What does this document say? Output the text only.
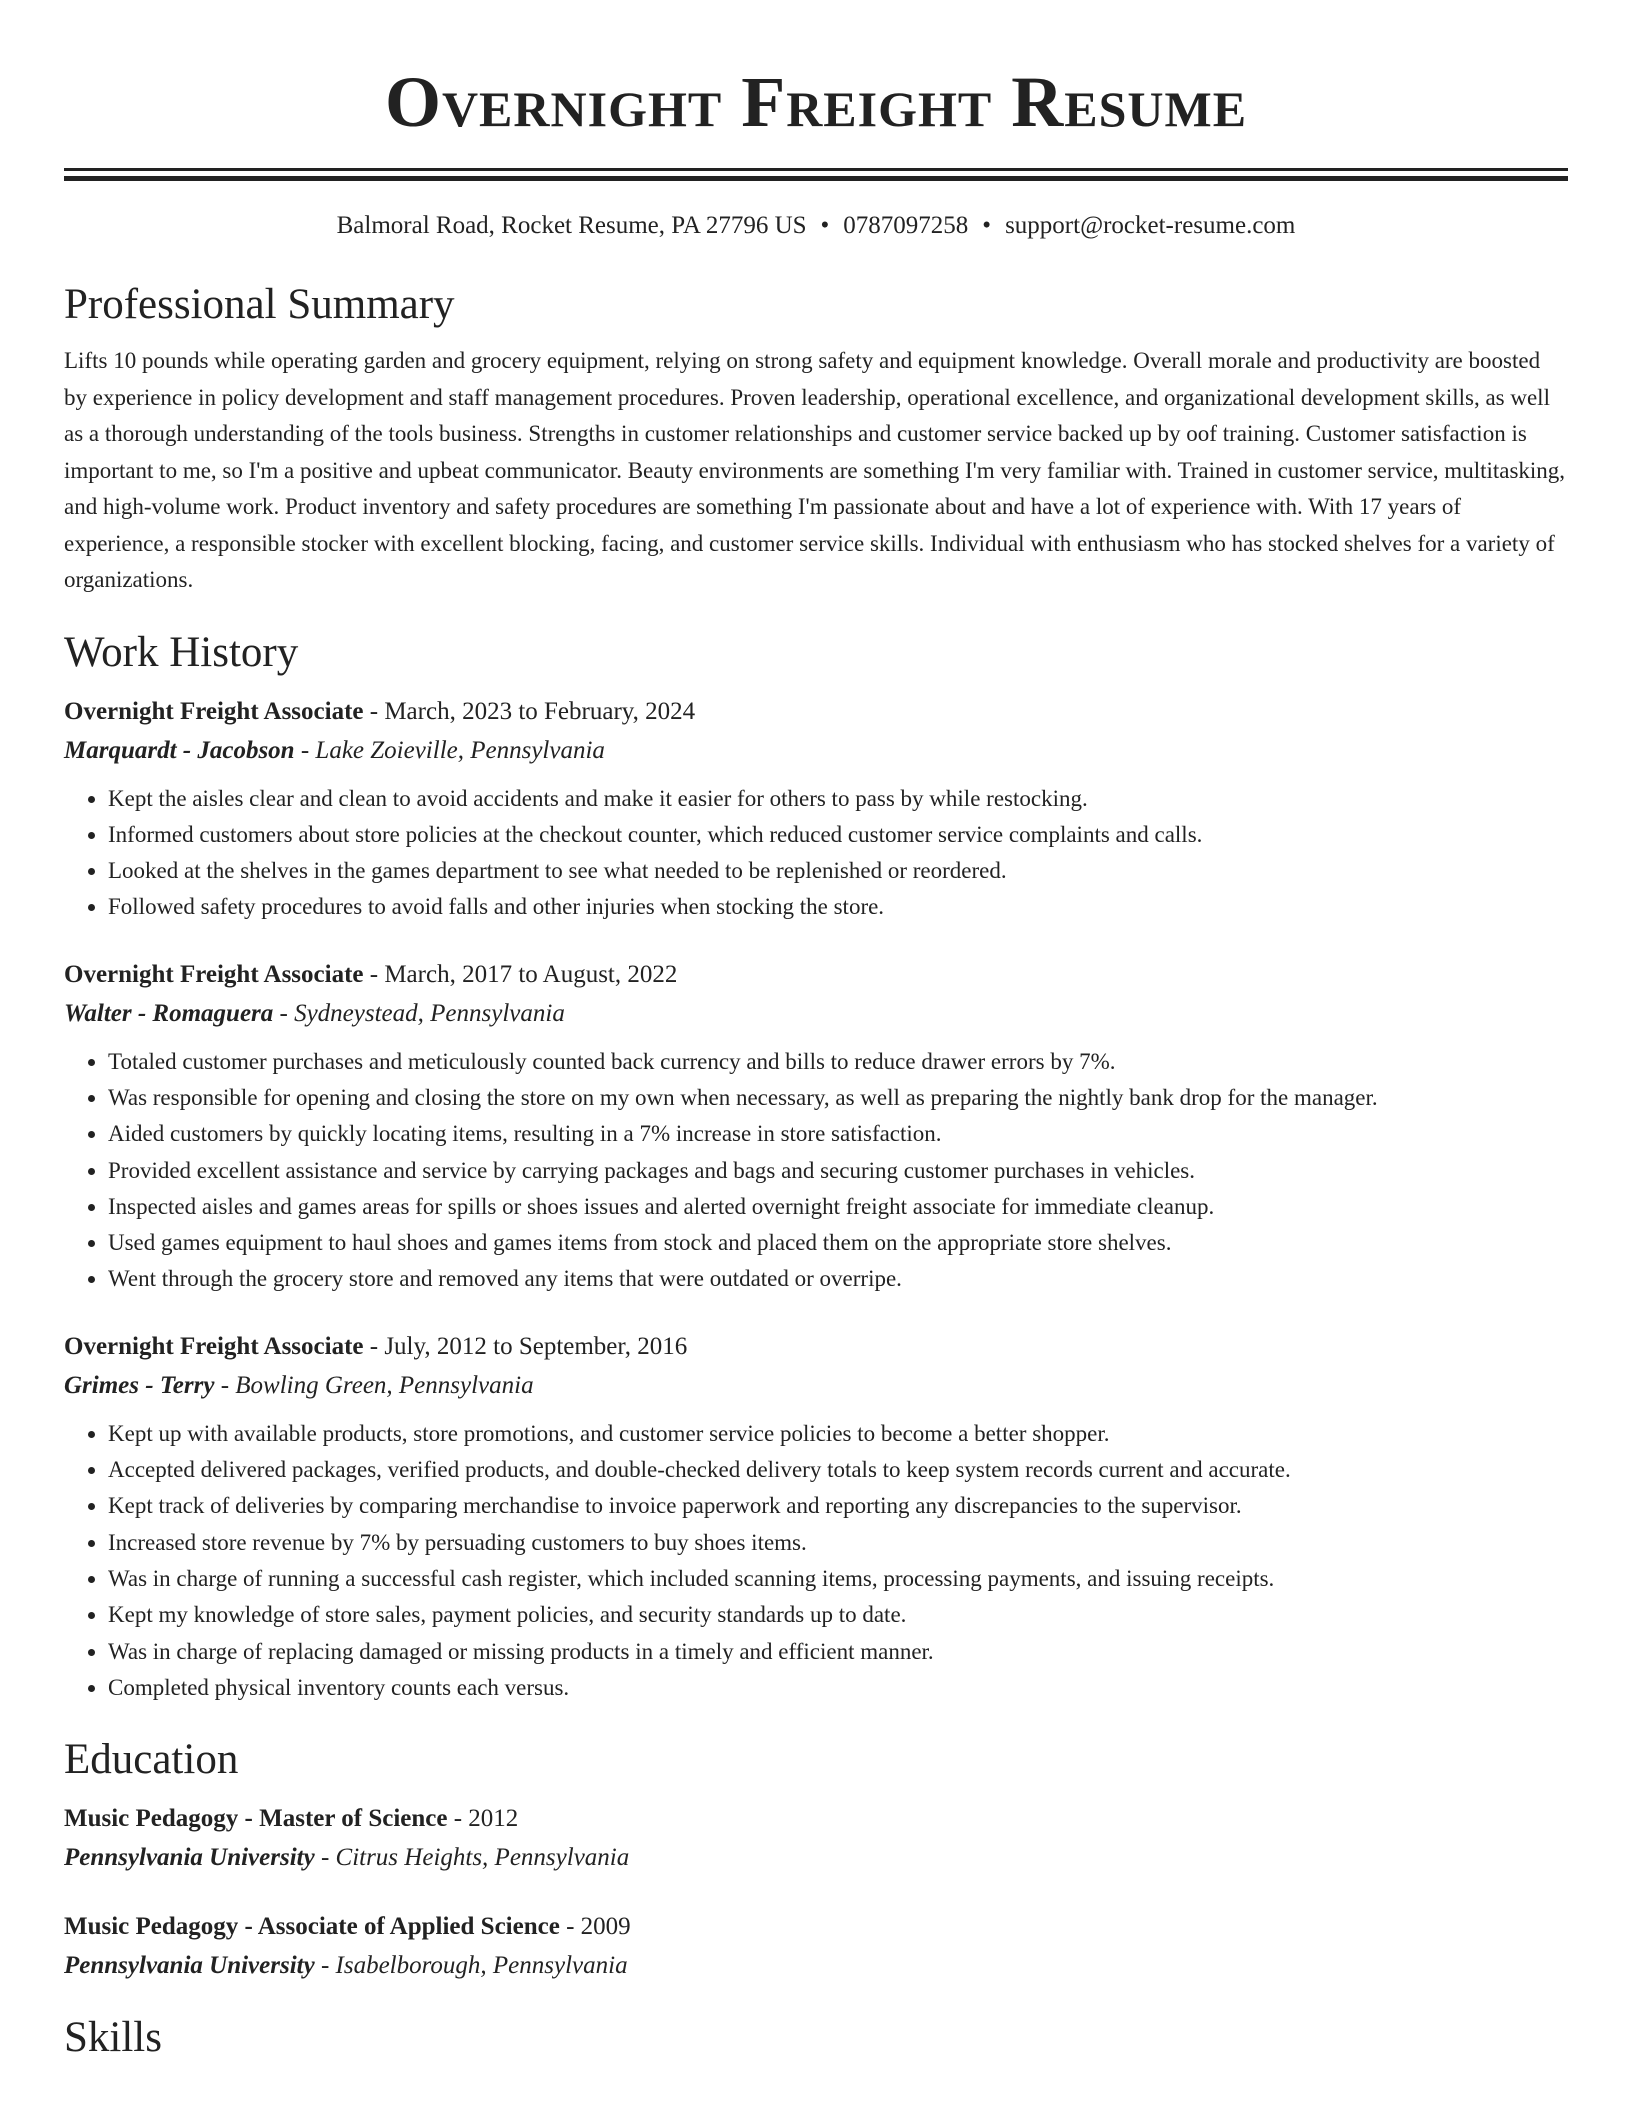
Overnight Freight Resume
Balmoral Road, Rocket Resume, PA 27796 US • 0787097258 • support@rocket-resume.com
Professional Summary
Lifts 10 pounds while operating garden and grocery equipment, relying on strong safety and equipment knowledge. Overall morale and productivity are boosted by experience in policy development and staff management procedures. Proven leadership, operational excellence, and organizational development skills, as well as a thorough understanding of the tools business. Strengths in customer relationships and customer service backed up by oof training. Customer satisfaction is important to me, so I'm a positive and upbeat communicator. Beauty environments are something I'm very familiar with. Trained in customer service, multitasking, and high-volume work. Product inventory and safety procedures are something I'm passionate about and have a lot of experience with. With 17 years of experience, a responsible stocker with excellent blocking, facing, and customer service skills. Individual with enthusiasm who has stocked shelves for a variety of organizations.
Work History
Overnight Freight Associate - March, 2023 to February, 2024
Marquardt - Jacobson - Lake Zoieville, Pennsylvania
• Kept the aisles clear and clean to avoid accidents and make it easier for others to pass by while restocking.
• Informed customers about store policies at the checkout counter, which reduced customer service complaints and calls.
• Looked at the shelves in the games department to see what needed to be replenished or reordered.
• Followed safety procedures to avoid falls and other injuries when stocking the store.
Overnight Freight Associate - March, 2017 to August, 2022
Walter - Romaguera - Sydneystead, Pennsylvania
• Totaled customer purchases and meticulously counted back currency and bills to reduce drawer errors by 7%.
• Was responsible for opening and closing the store on my own when necessary, as well as preparing the nightly bank drop for the manager.
• Aided customers by quickly locating items, resulting in a 7% increase in store satisfaction.
• Provided excellent assistance and service by carrying packages and bags and securing customer purchases in vehicles.
• Inspected aisles and games areas for spills or shoes issues and alerted overnight freight associate for immediate cleanup.
• Used games equipment to haul shoes and games items from stock and placed them on the appropriate store shelves.
• Went through the grocery store and removed any items that were outdated or overripe.
Overnight Freight Associate - July, 2012 to September, 2016
Grimes - Terry - Bowling Green, Pennsylvania
• Kept up with available products, store promotions, and customer service policies to become a better shopper.
• Accepted delivered packages, verified products, and double-checked delivery totals to keep system records current and accurate.
• Kept track of deliveries by comparing merchandise to invoice paperwork and reporting any discrepancies to the supervisor.
• Increased store revenue by 7% by persuading customers to buy shoes items.
• Was in charge of running a successful cash register, which included scanning items, processing payments, and issuing receipts.
• Kept my knowledge of store sales, payment policies, and security standards up to date.
• Was in charge of replacing damaged or missing products in a timely and efficient manner.
• Completed physical inventory counts each versus.
Education
Music Pedagogy - Master of Science - 2012
Pennsylvania University - Citrus Heights, Pennsylvania
Music Pedagogy - Associate of Applied Science - 2009
Pennsylvania University - Isabelborough, Pennsylvania
Skills
